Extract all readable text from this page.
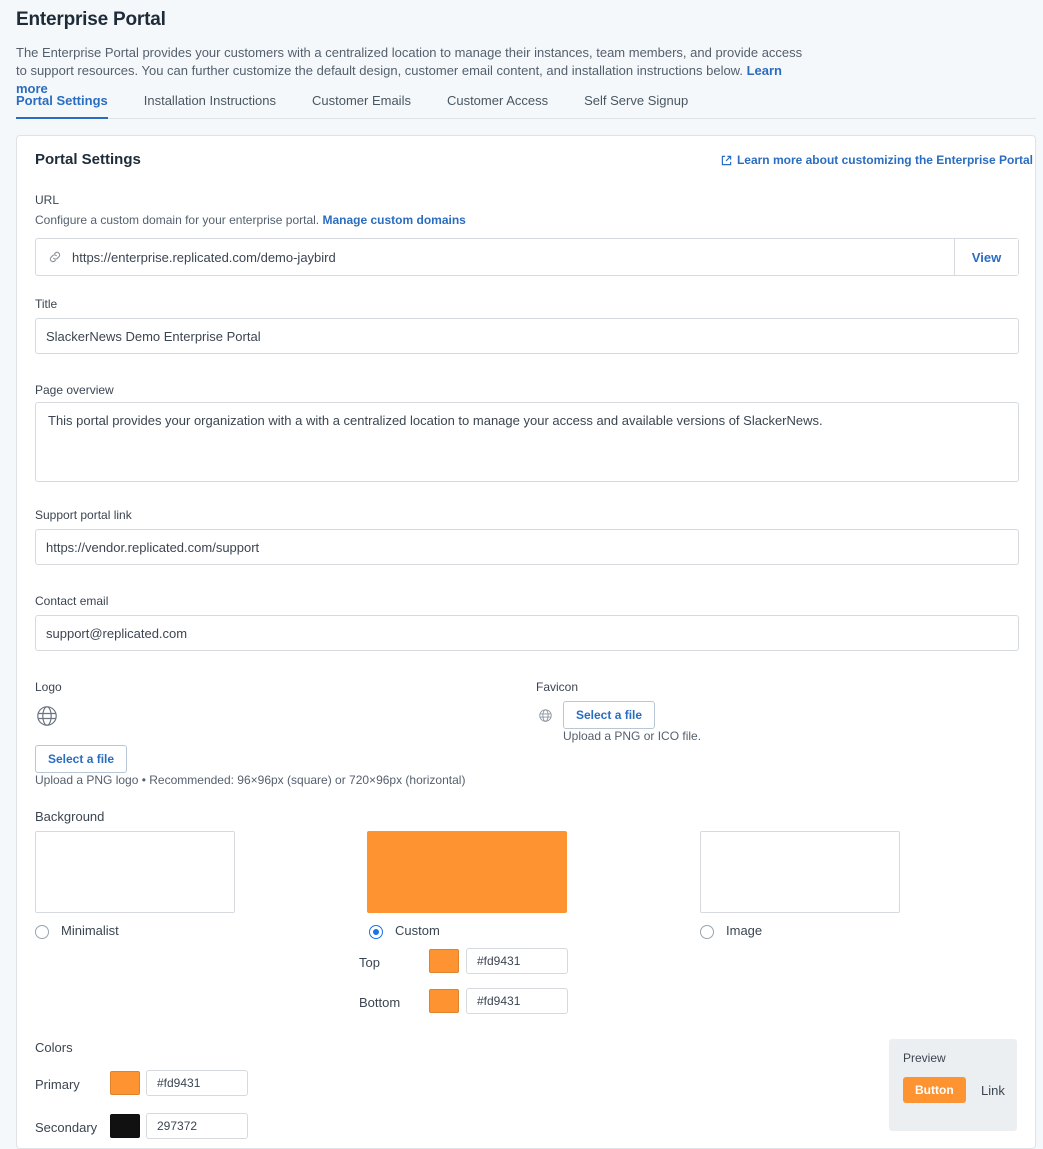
Enterprise Portal
The Enterprise Portal provides your customers with a centralized location to manage their instances, team members, and provide access to support resources. You can further customize the default design, customer email content, and installation instructions below. Learn more
Portal Settings	Installation Instructions	Customer Emails	Customer Access	Self Serve Signup
Portal Settings	Learn more about customizing the Enterprise Portal
URL
Configure a custom domain for your enterprise portal. Manage custom domains
https://enterprise.replicated.com/demo-jaybird	View
Title
SlackerNews Demo Enterprise Portal
Page overview
This portal provides your organization with a with a centralized location to manage your access and available versions of SlackerNews.
Support portal link
https://vendor.replicated.com/support
Contact email
support@replicated.com
Logo
Select a file
Upload a PNG logo • Recommended: 96×96px (square) or 720×96px (horizontal)
Favicon
Select a file
Upload a PNG or ICO file.
Background
Minimalist	Custom	Image
Top
#fd9431
Bottom
#fd9431
Colors
Primary
#fd9431
Secondary
297372
Preview
Button	Link
